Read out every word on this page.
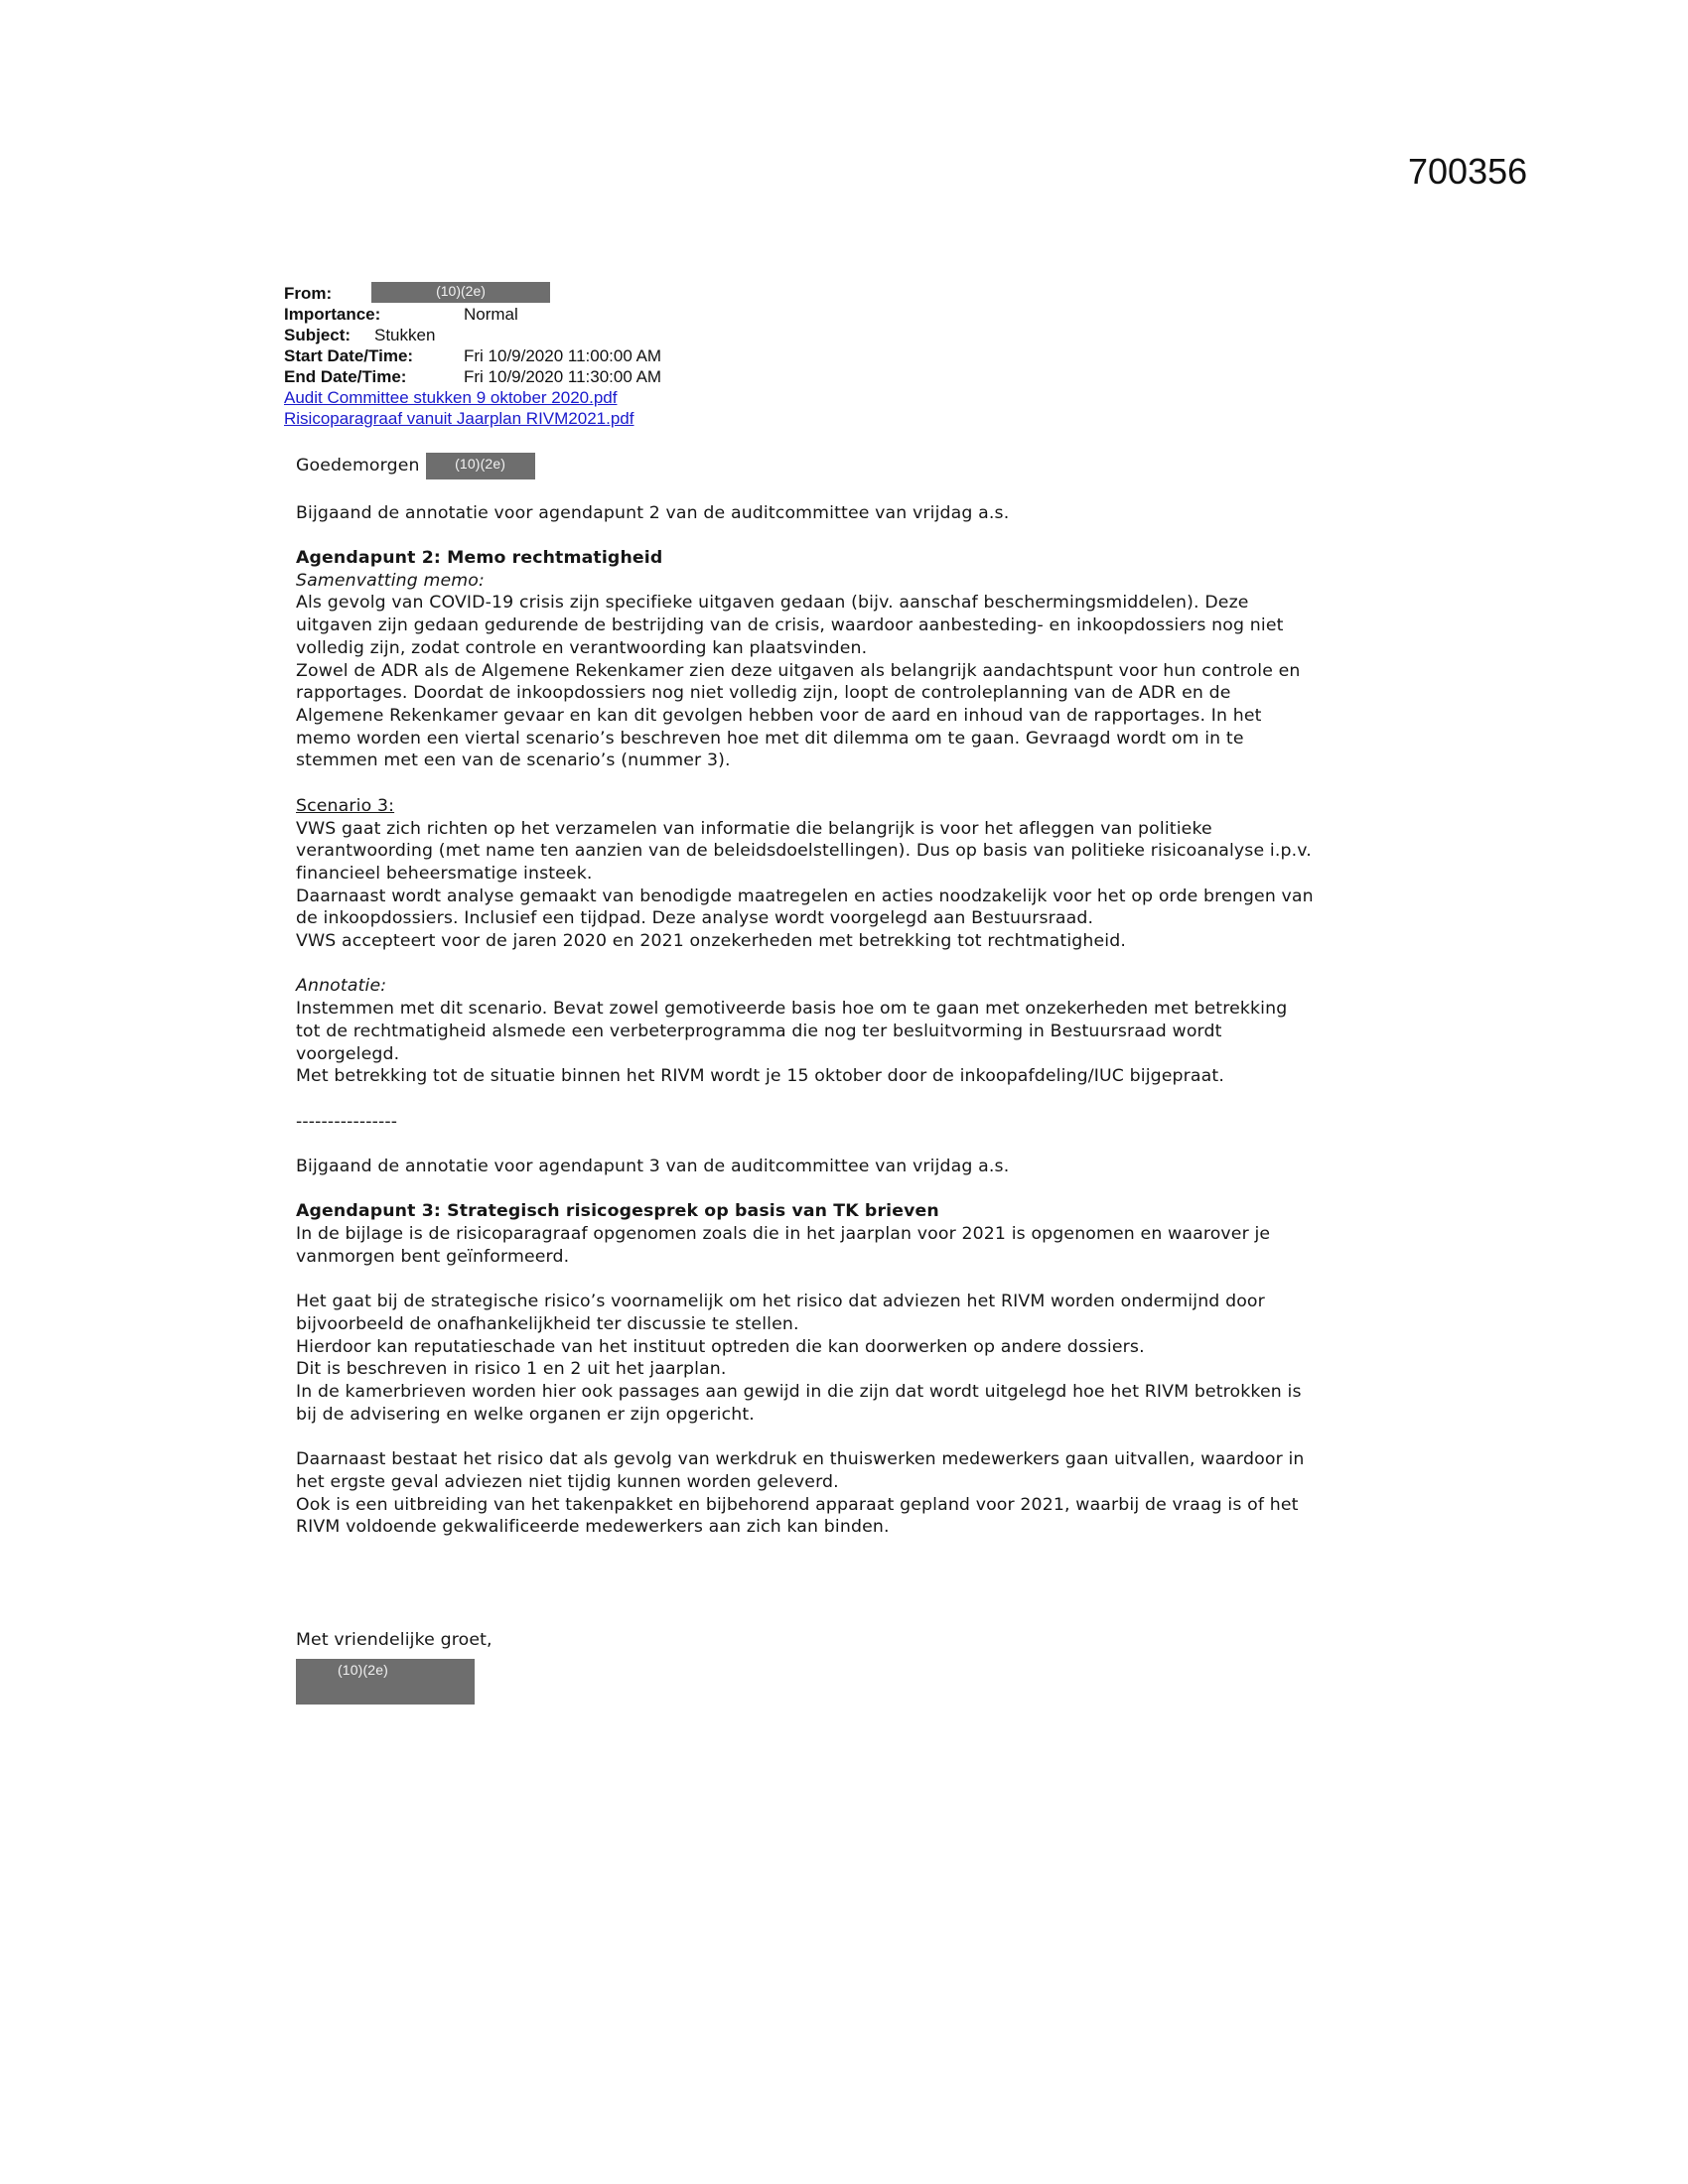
700356
From:	(10)(2e)
Importance:	Normal
Subject: Stukken
Start Date/Time:	Fri 10/9/2020 11:00:00 AM
End Date/Time:	Fri 10/9/2020 11:30:00 AM
Audit Committee stukken 9 oktober 2020.pdf
Risicoparagraaf vanuit Jaarplan RIVM2021.pdf
Goedemorgen	(10)(2e)

Bijgaand de annotatie voor agendapunt 2 van de auditcommittee van vrijdag a.s.

Agendapunt 2: Memo rechtmatigheid

Samenvatting memo:

Als gevolg van COVID-19 crisis zijn specifieke uitgaven gedaan (bijv. aanschaf beschermingsmiddelen). Deze

uitgaven zijn gedaan gedurende de bestrijding van de crisis, waardoor aanbesteding- en inkoopdossiers nog niet

volledig zijn, zodat controle en verantwoording kan plaatsvinden.

Zowel de ADR als de Algemene Rekenkamer zien deze uitgaven als belangrijk aandachtspunt voor hun controle en

rapportages. Doordat de inkoopdossiers nog niet volledig zijn, loopt de controleplanning van de ADR en de

Algemene Rekenkamer gevaar en kan dit gevolgen hebben voor de aard en inhoud van de rapportages. In het

memo worden een viertal scenario’s beschreven hoe met dit dilemma om te gaan. Gevraagd wordt om in te

stemmen met een van de scenario’s (nummer 3).

Scenario 3:

VWS gaat zich richten op het verzamelen van informatie die belangrijk is voor het afleggen van politieke

verantwoording (met name ten aanzien van de beleidsdoelstellingen). Dus op basis van politieke risicoanalyse i.p.v.

financieel beheersmatige insteek.

Daarnaast wordt analyse gemaakt van benodigde maatregelen en acties noodzakelijk voor het op orde brengen van

de inkoopdossiers. Inclusief een tijdpad. Deze analyse wordt voorgelegd aan Bestuursraad.

VWS accepteert voor de jaren 2020 en 2021 onzekerheden met betrekking tot rechtmatigheid.

Annotatie:

Instemmen met dit scenario. Bevat zowel gemotiveerde basis hoe om te gaan met onzekerheden met betrekking

tot de rechtmatigheid alsmede een verbeterprogramma die nog ter besluitvorming in Bestuursraad wordt

voorgelegd.

Met betrekking tot de situatie binnen het RIVM wordt je 15 oktober door de inkoopafdeling/IUC bijgepraat.

----------------

Bijgaand de annotatie voor agendapunt 3 van de auditcommittee van vrijdag a.s.

Agendapunt 3: Strategisch risicogesprek op basis van TK brieven

In de bijlage is de risicoparagraaf opgenomen zoals die in het jaarplan voor 2021 is opgenomen en waarover je

vanmorgen bent geïnformeerd.

Het gaat bij de strategische risico’s voornamelijk om het risico dat adviezen het RIVM worden ondermijnd door

bijvoorbeeld de onafhankelijkheid ter discussie te stellen.

Hierdoor kan reputatieschade van het instituut optreden die kan doorwerken op andere dossiers.

Dit is beschreven in risico 1 en 2 uit het jaarplan.

In de kamerbrieven worden hier ook passages aan gewijd in die zijn dat wordt uitgelegd hoe het RIVM betrokken is

bij de advisering en welke organen er zijn opgericht.

Daarnaast bestaat het risico dat als gevolg van werkdruk en thuiswerken medewerkers gaan uitvallen, waardoor in

het ergste geval adviezen niet tijdig kunnen worden geleverd.

Ook is een uitbreiding van het takenpakket en bijbehorend apparaat gepland voor 2021, waarbij de vraag is of het

RIVM voldoende gekwalificeerde medewerkers aan zich kan binden.

Met vriendelijke groet,

(10)(2e)
